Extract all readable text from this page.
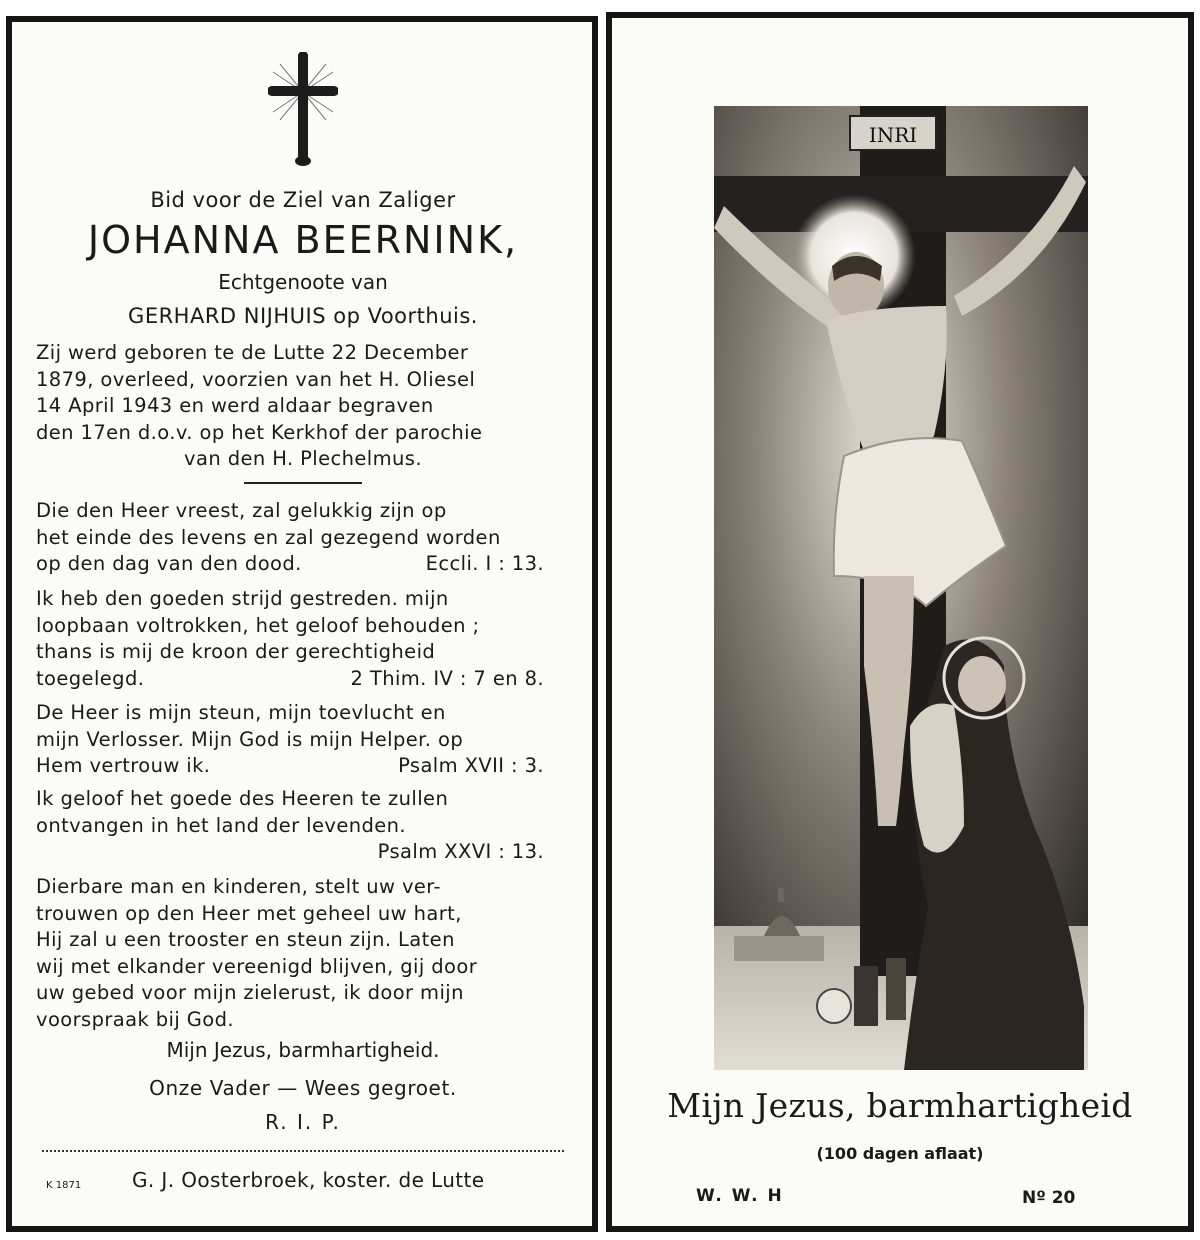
Bid voor de Ziel van Zaliger
JOHANNA BEERNINK,
Echtgenoote van
GERHARD NIJHUIS op Voorthuis.

Zij werd geboren te de Lutte 22 December

1879, overleed, voorzien van het H. Oliesel

14 April 1943 en werd aldaar begraven

den 17en d.o.v. op het Kerkhof der parochie

van den H. Plechelmus.

Die den Heer vreest, zal gelukkig zijn op

het einde des levens en zal gezegend worden

op den dag van den dood.	Eccli. I : 13.

Ik heb den goeden strijd gestreden. mijn

loopbaan voltrokken, het geloof behouden ;

thans is mij de kroon der gerechtigheid

toegelegd.	2 Thim. IV : 7 en 8.

De Heer is mijn steun, mijn toevlucht en

mijn Verlosser. Mijn God is mijn Helper. op

Hem vertrouw ik.	Psalm XVII : 3.

Ik geloof het goede des Heeren te zullen

ontvangen in het land der levenden.

Psalm XXVI : 13.

Dierbare man en kinderen, stelt uw ver-

trouwen op den Heer met geheel uw hart,

Hij zal u een trooster en steun zijn. Laten

wij met elkander vereenigd blijven, gij door

uw gebed voor mijn zielerust, ik door mijn

voorspraak bij God.

Mijn Jezus, barmhartigheid.
Onze Vader — Wees gegroet.
R. I. P.
K 1871	G. J. Oosterbroek, koster. de Lutte
INRI
Mijn Jezus, barmhartigheid
(100 dagen aflaat)
W. W. H	Nº 20
